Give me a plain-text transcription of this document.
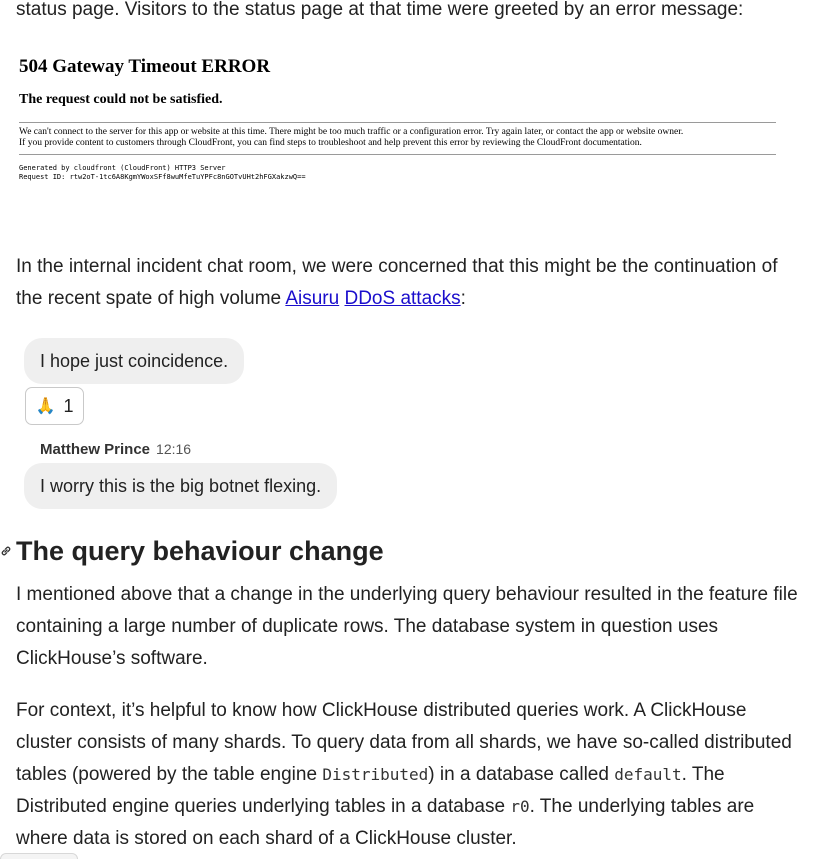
status page. Visitors to the status page at that time were greeted by an error message:

504 Gateway Timeout ERROR
The request could not be satisfied.
We can't connect to the server for this app or website at this time. There might be too much traffic or a configuration error. Try again later, or contact the app or website owner.
If you provide content to customers through CloudFront, you can find steps to troubleshoot and help prevent this error by reviewing the CloudFront documentation.
Generated by cloudfront (CloudFront) HTTP3 Server
Request ID: rtw2oT-1tc6A8KgmYWoxSFf8wuMfeTuYPFc8nGOTvUHt2hFGXakzwQ==

In the internal incident chat room, we were concerned that this might be the continuation of the recent spate of high volume Aisuru DDoS attacks:

I hope just coincidence.
🙏 1
Matthew Prince 12:16
I worry this is the big botnet flexing.
The query behaviour change

I mentioned above that a change in the underlying query behaviour resulted in the feature file containing a large number of duplicate rows. The database system in question uses ClickHouse’s software.

For context, it’s helpful to know how ClickHouse distributed queries work. A ClickHouse cluster consists of many shards. To query data from all shards, we have so-called distributed tables (powered by the table engine Distributed) in a database called default. The Distributed engine queries underlying tables in a database r0. The underlying tables are where data is stored on each shard of a ClickHouse cluster.
